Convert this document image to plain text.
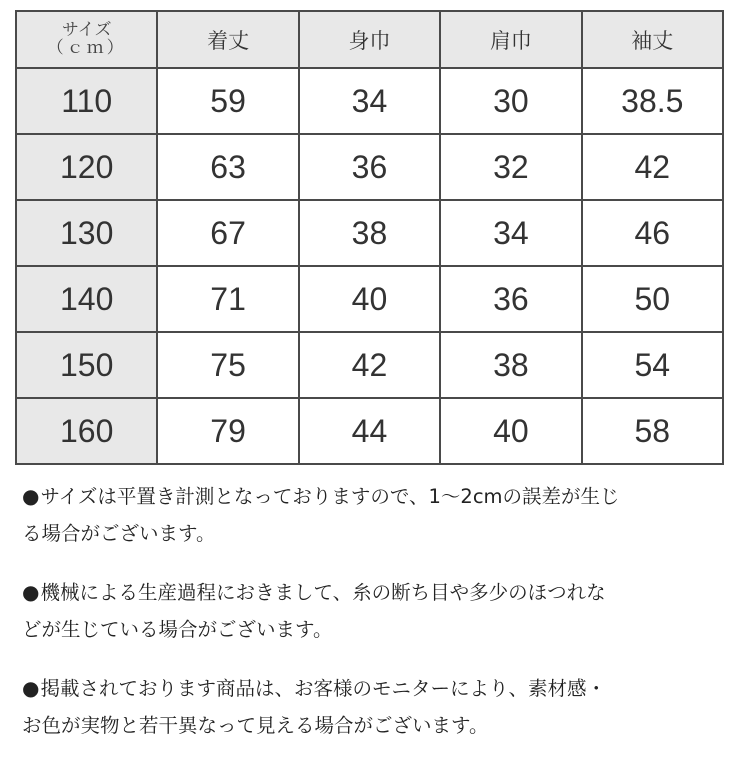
サイズ
（ｃｍ）	着丈	身巾	肩巾	袖丈
110	59	34	30	38.5
120	63	36	32	42
130	67	38	34	46
140	71	40	36	50
150	75	42	38	54
160	79	44	40	58

●サイズは平置き計測となっておりますので、1〜2cmの誤差が生じ
る場合がございます。

●機械による生産過程におきまして、糸の断ち目や多少のほつれな
どが生じている場合がございます。

●掲載されております商品は、お客様のモニターにより、素材感・
お色が実物と若干異なって見える場合がございます。
